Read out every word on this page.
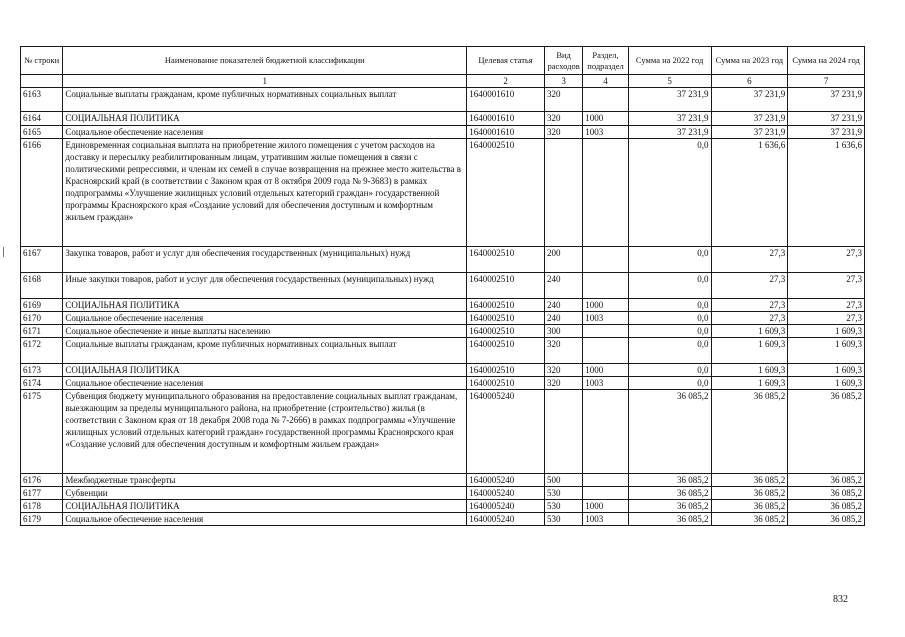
№ строки	Наименование показателей бюджетной классификации	Целевая статья	Вид расходов	Раздел, подраздел	Сумма на 2022 год	Сумма на 2023 год	Сумма на 2024 год
	1	2	3	4	5	6	7
6163	Социальные выплаты гражданам, кроме публичных нормативных социальных выплат	1640001610	320		37 231,9	37 231,9	37 231,9
6164	СОЦИАЛЬНАЯ ПОЛИТИКА	1640001610	320	1000	37 231,9	37 231,9	37 231,9
6165	Социальное обеспечение населения	1640001610	320	1003	37 231,9	37 231,9	37 231,9
6166	Единовременная социальная выплата на приобретение жилого помещения с учетом расходов на доставку и пересылку реабилитированным лицам, утратившим жилые помещения в связи с политическими репрессиями, и членам их семей в случае возвращения на прежнее место жительства в Красноярский край (в соответствии с Законом края от 8 октября 2009 года № 9-3683) в рамках подпрограммы «Улучшение жилищных условий отдельных категорий граждан» государственной программы Красноярского края «Создание условий для обеспечения доступным и комфортным жильем граждан»	1640002510			0,0	1 636,6	1 636,6
6167	Закупка товаров, работ и услуг для обеспечения государственных (муниципальных) нужд	1640002510	200		0,0	27,3	27,3
6168	Иные закупки товаров, работ и услуг для обеспечения государственных (муниципальных) нужд	1640002510	240		0,0	27,3	27,3
6169	СОЦИАЛЬНАЯ ПОЛИТИКА	1640002510	240	1000	0,0	27,3	27,3
6170	Социальное обеспечение населения	1640002510	240	1003	0,0	27,3	27,3
6171	Социальное обеспечение и иные выплаты населению	1640002510	300		0,0	1 609,3	1 609,3
6172	Социальные выплаты гражданам, кроме публичных нормативных социальных выплат	1640002510	320		0,0	1 609,3	1 609,3
6173	СОЦИАЛЬНАЯ ПОЛИТИКА	1640002510	320	1000	0,0	1 609,3	1 609,3
6174	Социальное обеспечение населения	1640002510	320	1003	0,0	1 609,3	1 609,3
6175	Субвенция бюджету муниципального образования на предоставление социальных выплат гражданам, выезжающим за пределы муниципального района, на приобретение (строительство) жилья (в соответствии с Законом края от 18 декабря 2008 года № 7-2666) в рамках подпрограммы «Улучшение жилищных условий отдельных категорий граждан» государственной программы Красноярского края «Создание условий для обеспечения доступным и комфортным жильем граждан»	1640005240			36 085,2	36 085,2	36 085,2
6176	Межбюджетные трансферты	1640005240	500		36 085,2	36 085,2	36 085,2
6177	Субвенции	1640005240	530		36 085,2	36 085,2	36 085,2
6178	СОЦИАЛЬНАЯ ПОЛИТИКА	1640005240	530	1000	36 085,2	36 085,2	36 085,2
6179	Социальное обеспечение населения	1640005240	530	1003	36 085,2	36 085,2	36 085,2
832
